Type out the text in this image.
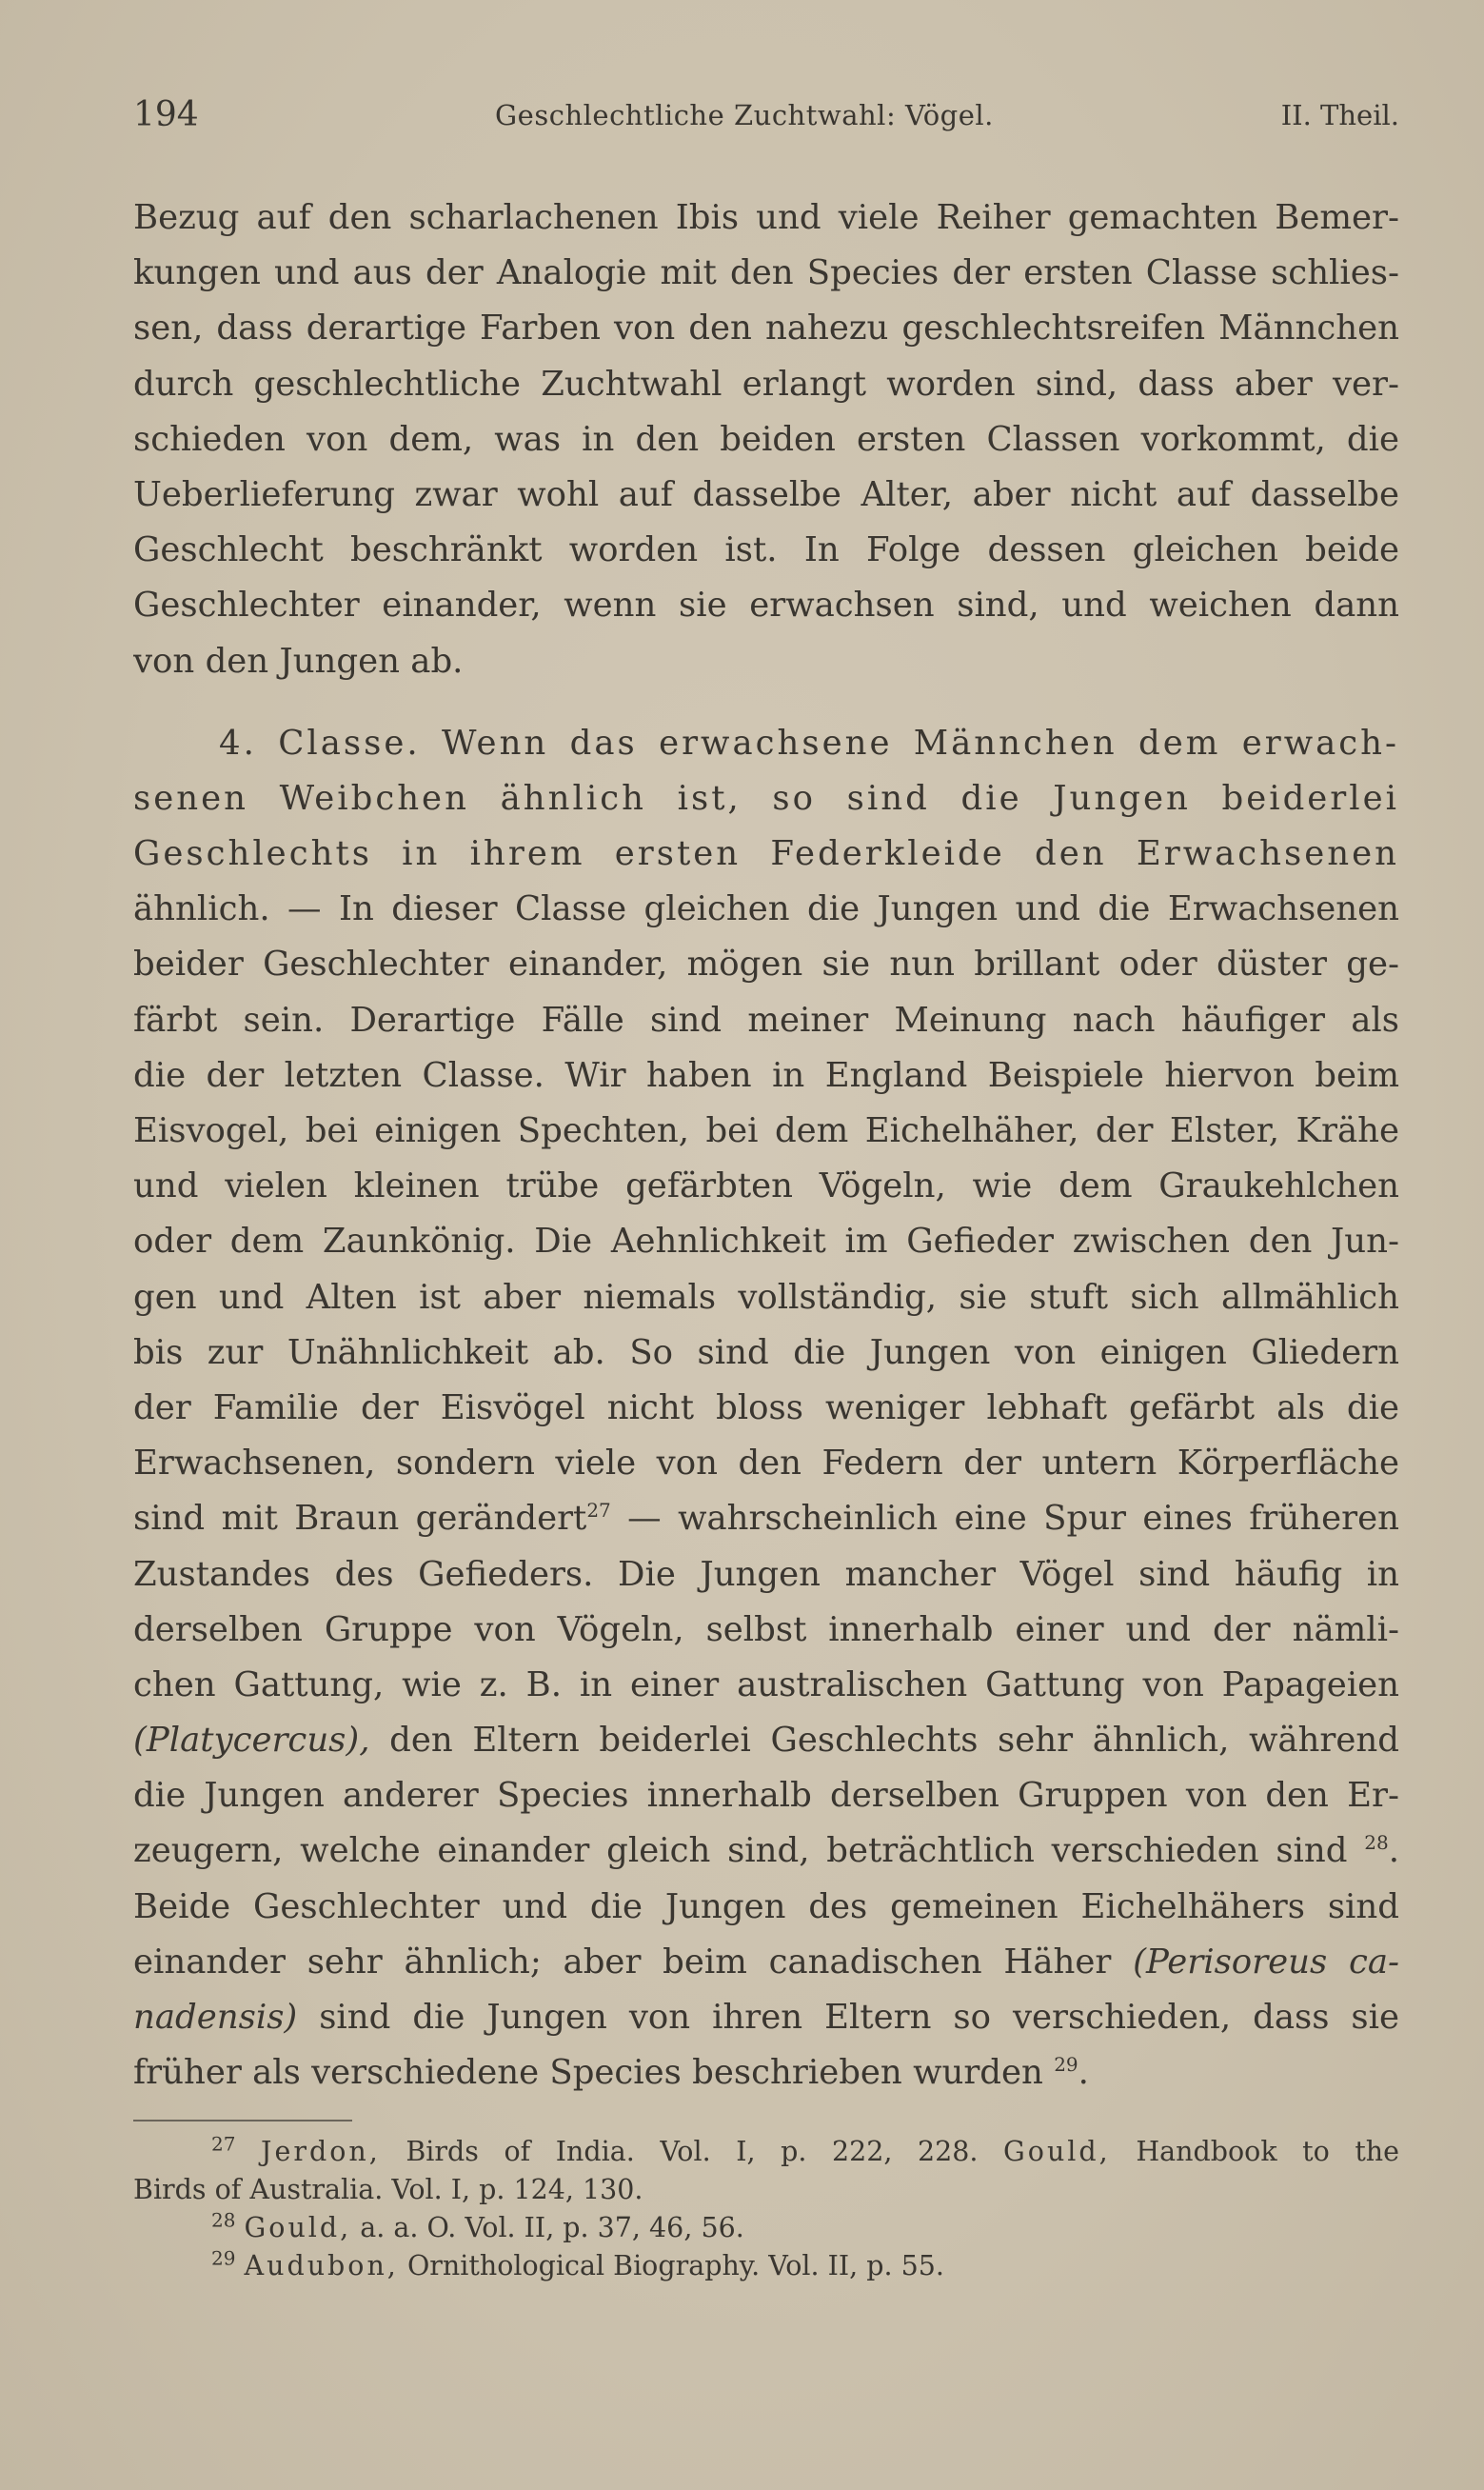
194	Geschlechtliche Zuchtwahl: Vögel.	II. Theil.
Bezug auf den scharlachenen Ibis und viele Reiher gemachten Bemer-
kungen und aus der Analogie mit den Species der ersten Classe schlies-
sen, dass derartige Farben von den nahezu geschlechtsreifen Männchen
durch geschlechtliche Zuchtwahl erlangt worden sind, dass aber ver-
schieden von dem, was in den beiden ersten Classen vorkommt, die
Ueberlieferung zwar wohl auf dasselbe Alter, aber nicht auf dasselbe
Geschlecht beschränkt worden ist. In Folge dessen gleichen beide
Geschlechter einander, wenn sie erwachsen sind, und weichen dann
von den Jungen ab.
4. Classe. Wenn das erwachsene Männchen dem erwach-
senen Weibchen ähnlich ist, so sind die Jungen beiderlei
Geschlechts in ihrem ersten Federkleide den Erwachsenen
ähnlich. — In dieser Classe gleichen die Jungen und die Erwachsenen
beider Geschlechter einander, mögen sie nun brillant oder düster ge-
färbt sein. Derartige Fälle sind meiner Meinung nach häufiger als
die der letzten Classe. Wir haben in England Beispiele hiervon beim
Eisvogel, bei einigen Spechten, bei dem Eichelhäher, der Elster, Krähe
und vielen kleinen trübe gefärbten Vögeln, wie dem Graukehlchen
oder dem Zaunkönig. Die Aehnlichkeit im Gefieder zwischen den Jun-
gen und Alten ist aber niemals vollständig, sie stuft sich allmählich
bis zur Unähnlichkeit ab. So sind die Jungen von einigen Gliedern
der Familie der Eisvögel nicht bloss weniger lebhaft gefärbt als die
Erwachsenen, sondern viele von den Federn der untern Körperfläche
sind mit Braun gerändert$^{27}$ — wahrscheinlich eine Spur eines früheren
Zustandes des Gefieders. Die Jungen mancher Vögel sind häufig in
derselben Gruppe von Vögeln, selbst innerhalb einer und der nämli-
chen Gattung, wie z. B. in einer australischen Gattung von Papageien
(Platycercus), den Eltern beiderlei Geschlechts sehr ähnlich, während
die Jungen anderer Species innerhalb derselben Gruppen von den Er-
zeugern, welche einander gleich sind, beträchtlich verschieden sind $^{28}$.
Beide Geschlechter und die Jungen des gemeinen Eichelhähers sind
einander sehr ähnlich; aber beim canadischen Häher (Perisoreus ca-
nadensis) sind die Jungen von ihren Eltern so verschieden, dass sie
früher als verschiedene Species beschrieben wurden $^{29}$.
$^{27}$ Jerdon, Birds of India. Vol. I, p. 222, 228. Gould, Handbook to the
Birds of Australia. Vol. I, p. 124, 130.
$^{28}$ Gould, a. a. O. Vol. II, p. 37, 46, 56.
$^{29}$ Audubon, Ornithological Biography. Vol. II, p. 55.
